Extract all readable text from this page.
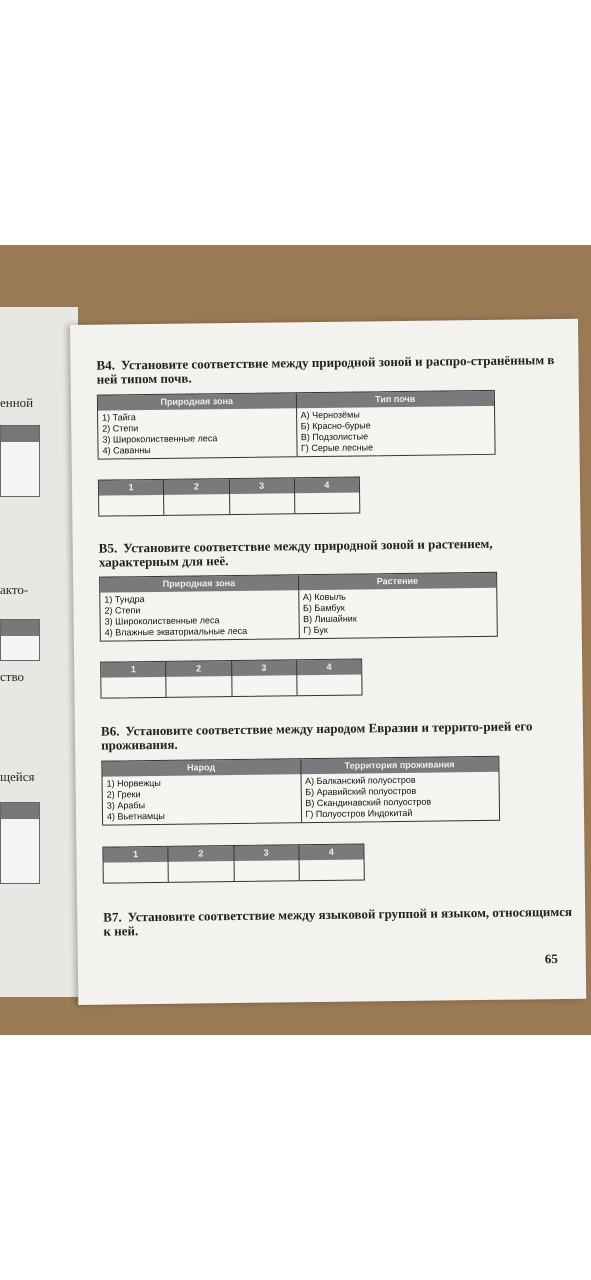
енной
акто-
ство
щейся
В4. Установите соответствие между природной зоной и распро-странённым в ней типом почв.
Природная зона	Тип почв
1) Тайга
2) Степи
3) Широколиственные леса
4) Саванны
А) Чернозёмы
Б) Красно-бурые
В) Подзолистые
Г) Серые лесные
1	2	3	4
В5. Установите соответствие между природной зоной и растением, характерным для неё.
Природная зона	Растение
1) Тундра
2) Степи
3) Широколиственные леса
4) Влажные экваториальные леса
А) Ковыль
Б) Бамбук
В) Лишайник
Г) Бук
1	2	3	4
В6. Установите соответствие между народом Евразии и террито-рией его проживания.
Народ	Территория проживания
1) Норвежцы
2) Греки
3) Арабы
4) Вьетнамцы
А) Балканский полуостров
Б) Аравийский полуостров
В) Скандинавский полуостров
Г) Полуостров Индокитай
1	2	3	4
В7. Установите соответствие между языковой группой и языком, относящимся к ней.
65
